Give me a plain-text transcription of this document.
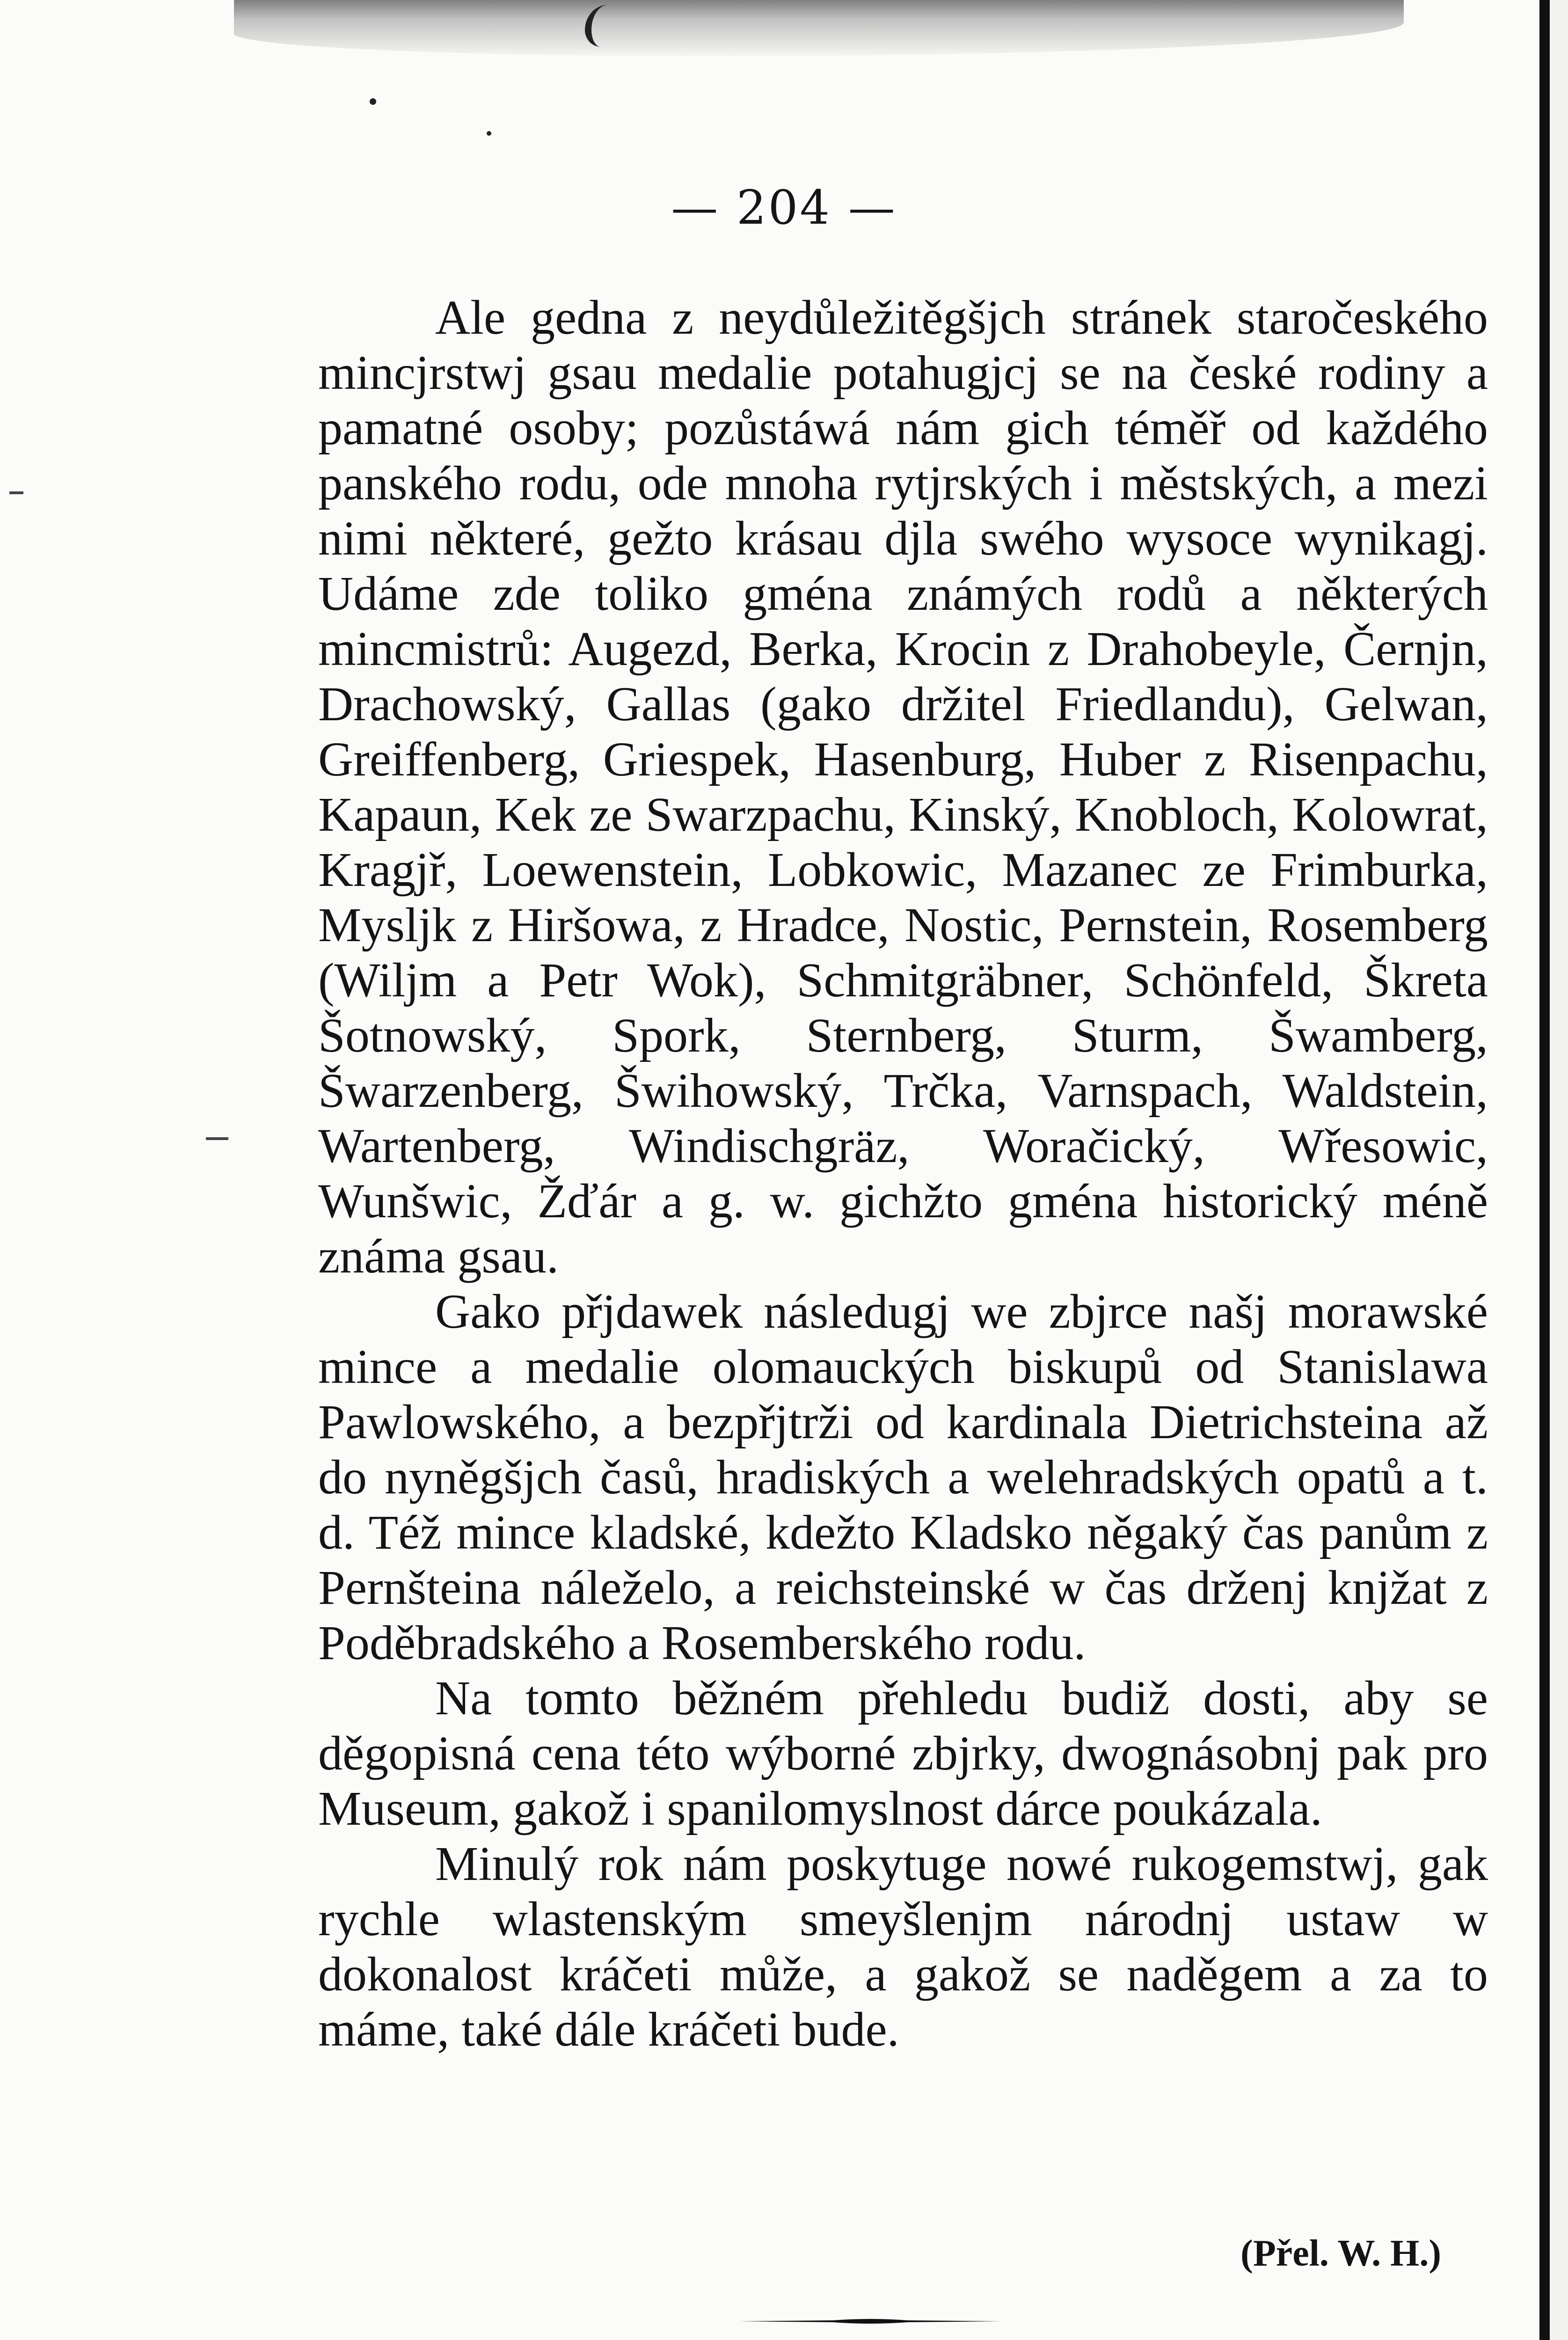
— 204 —

Ale gedna z neydůležitěgšjch stránek staročeského mincjrstwj gsau medalie potahugjcj se na české rodiny a pamatné osoby; pozůstáwá nám gich téměř od každého panského rodu, ode mnoha rytjrských i městských, a mezi nimi některé, gežto krásau djla swého wysoce wynikagj. Udáme zde toliko gména známých rodů a některých mincmistrů: Augezd, Berka, Krocin z Drahobeyle, Černjn, Drachowský, Gallas (gako držitel Friedlandu), Gelwan, Greiffenberg, Griespek, Hasenburg, Huber z Risenpachu, Kapaun, Kek ze Swarzpachu, Kinský, Knobloch, Kolowrat, Kragjř, Loewenstein, Lobkowic, Mazanec ze Frimburka, Mysljk z Hiršowa, z Hradce, Nostic, Pernstein, Rosemberg (Wiljm a Petr Wok), Schmitgräbner, Schönfeld, Škreta Šotnowský, Spork, Sternberg, Sturm, Šwamberg, Šwarzenberg, Šwihowský, Trčka, Varnspach, Waldstein, Wartenberg, Windischgräz, Woračický, Wřesowic, Wunšwic, Žďár a g. w. gichžto gména historický méně známa gsau.

Gako přjdawek následugj we zbjrce našj morawské mince a medalie olomauckých biskupů od Stanislawa Pawlowského, a bezpřjtrži od kardinala Dietrichsteina až do nyněgšjch časů, hradiských a welehradských opatů a t. d. Též mince kladské, kdežto Kladsko něgaký čas panům z Pernšteina náleželo, a reichsteinské w čas drženj knjžat z Poděbradského a Rosemberského rodu.

Na tomto běžném přehledu budiž dosti, aby se děgopisná cena této wýborné zbjrky, dwognásobnj pak pro Museum, gakož i spanilomyslnost dárce poukázala.

Minulý rok nám poskytuge nowé rukogemstwj, gak rychle wlastenským smeyšlenjm národnj ustaw w dokonalost kráčeti může, a gakož se naděgem a za to máme, také dále kráčeti bude.

(Přel. W. H.)
